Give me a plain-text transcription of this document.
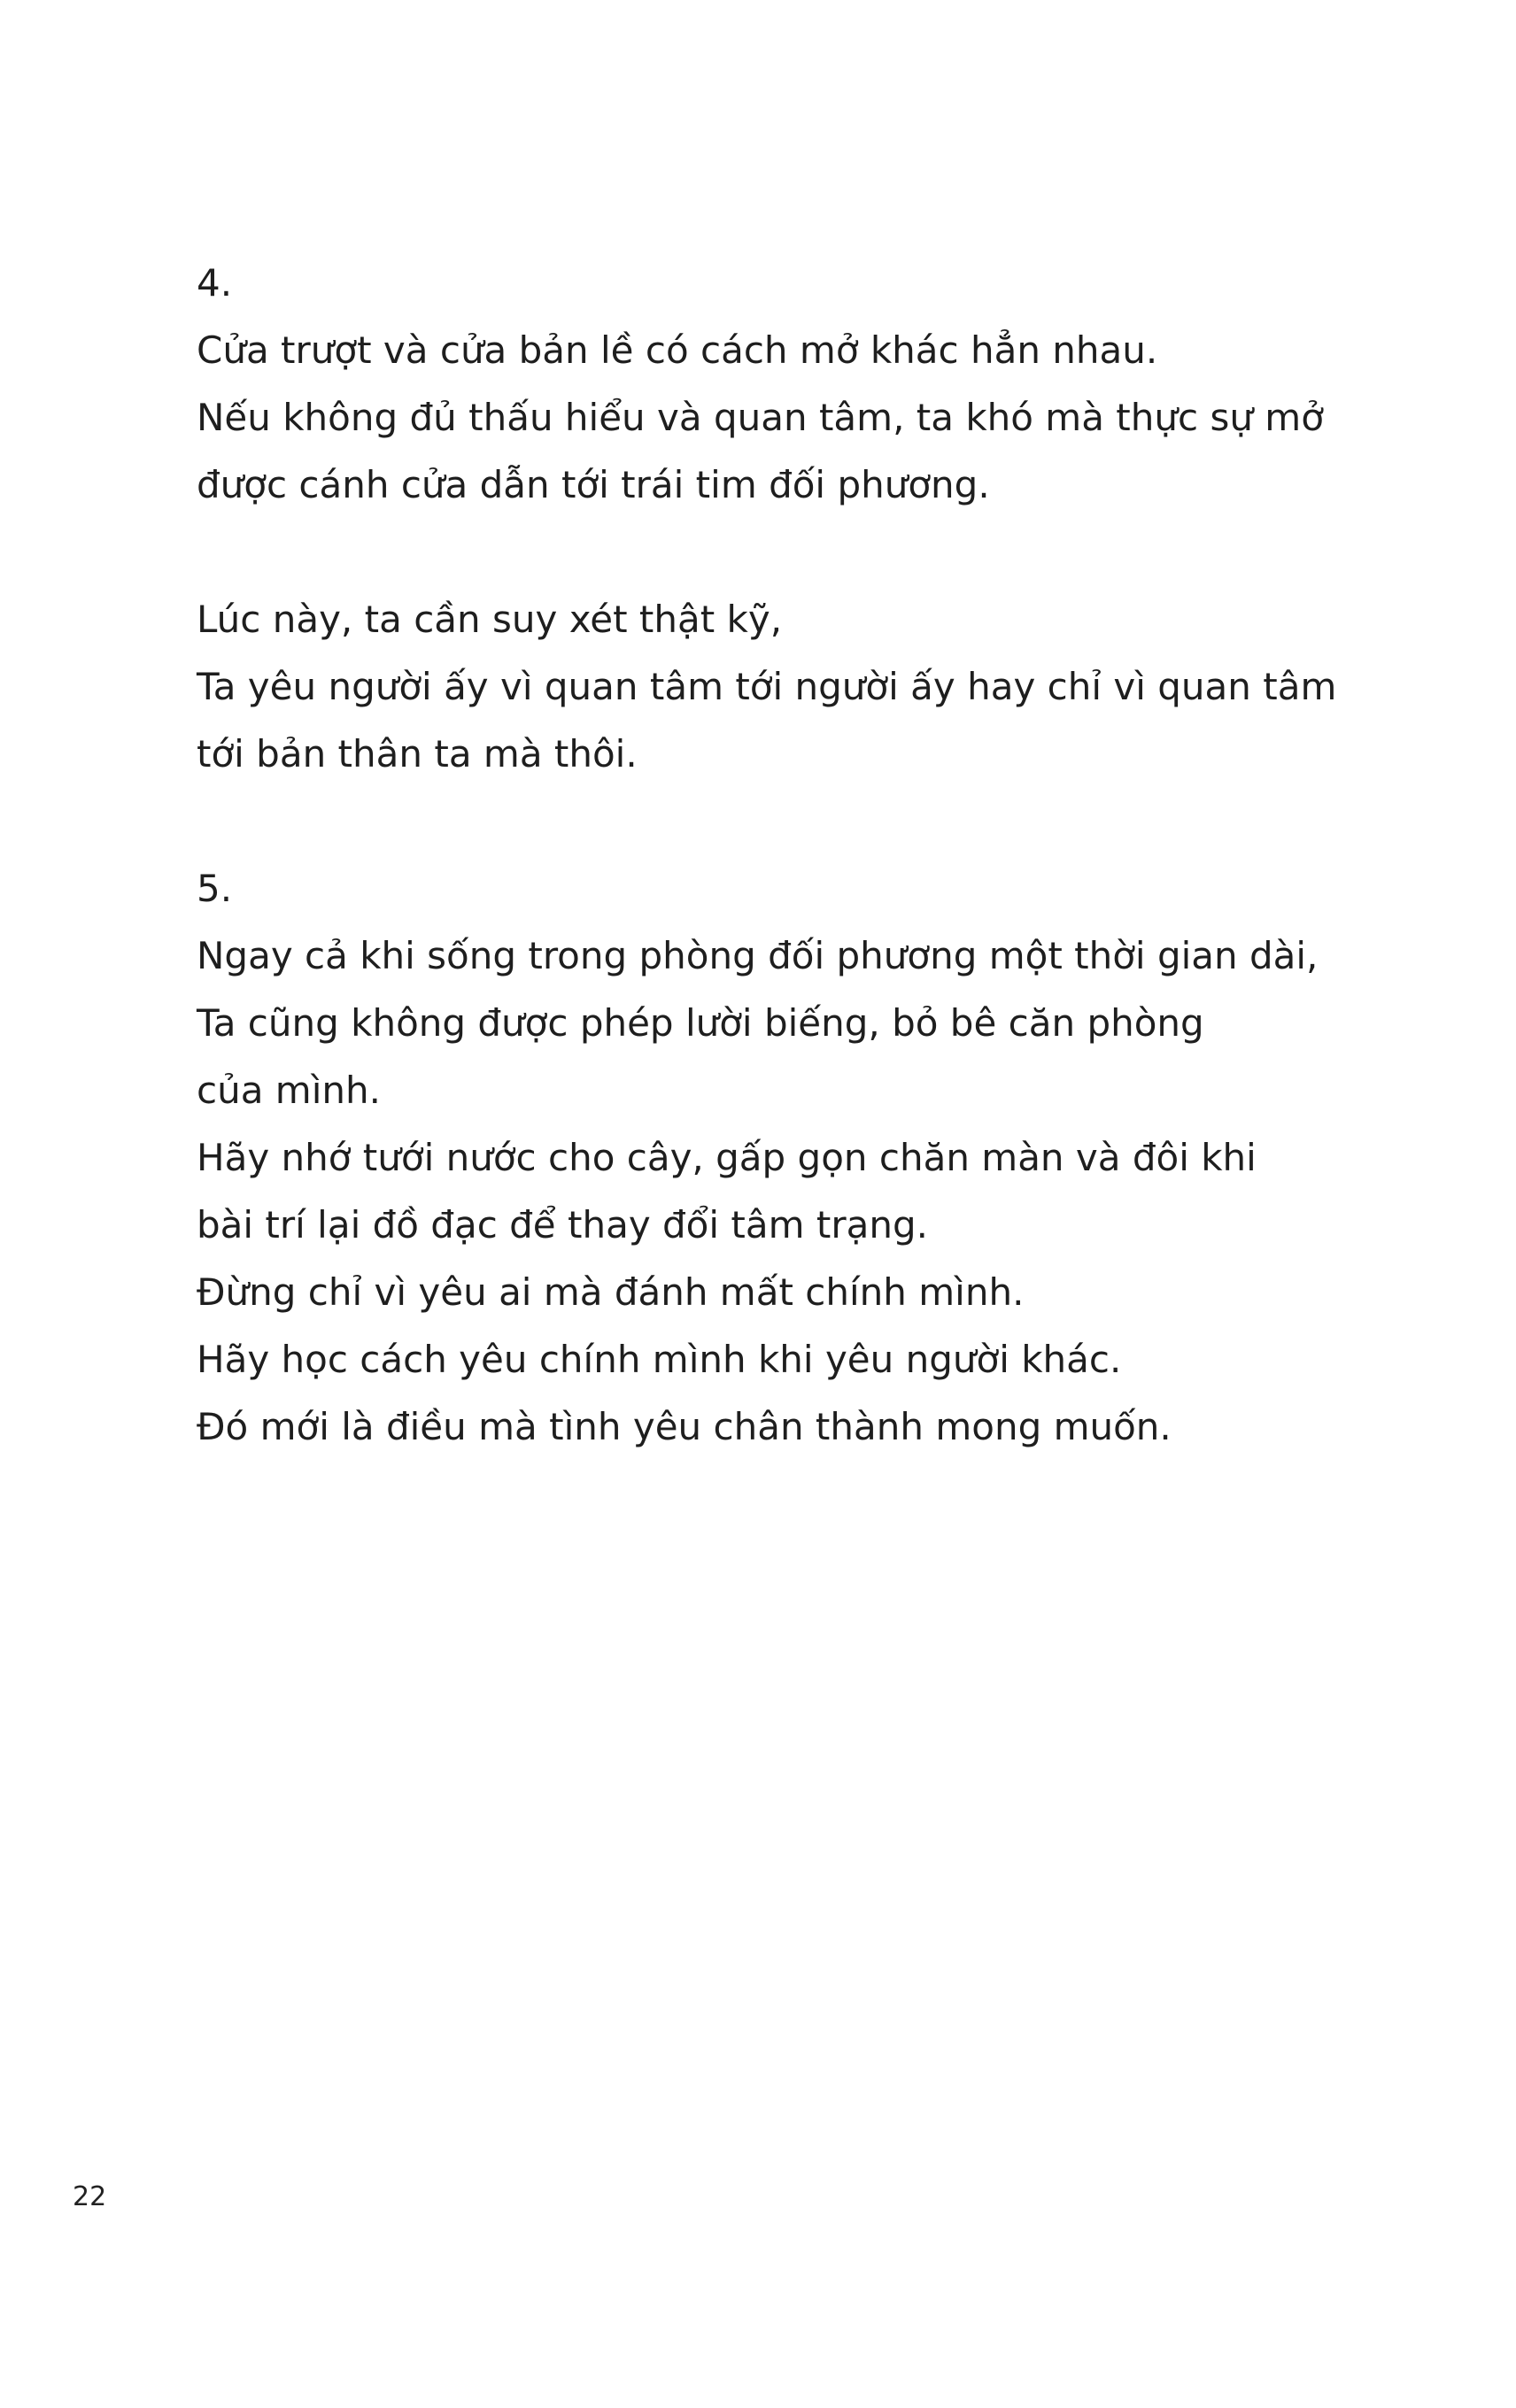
4.

Cửa trượt và cửa bản lề có cách mở khác hẳn nhau.

Nếu không đủ thấu hiểu và quan tâm, ta khó mà thực sự mở

được cánh cửa dẫn tới trái tim đối phương.

Lúc này, ta cần suy xét thật kỹ,

Ta yêu người ấy vì quan tâm tới người ấy hay chỉ vì quan tâm

tới bản thân ta mà thôi.

5.

Ngay cả khi sống trong phòng đối phương một thời gian dài,

Ta cũng không được phép lười biếng, bỏ bê căn phòng

của mình.

Hãy nhớ tưới nước cho cây, gấp gọn chăn màn và đôi khi

bài trí lại đồ đạc để thay đổi tâm trạng.

Đừng chỉ vì yêu ai mà đánh mất chính mình.

Hãy học cách yêu chính mình khi yêu người khác.

Đó mới là điều mà tình yêu chân thành mong muốn.

22
